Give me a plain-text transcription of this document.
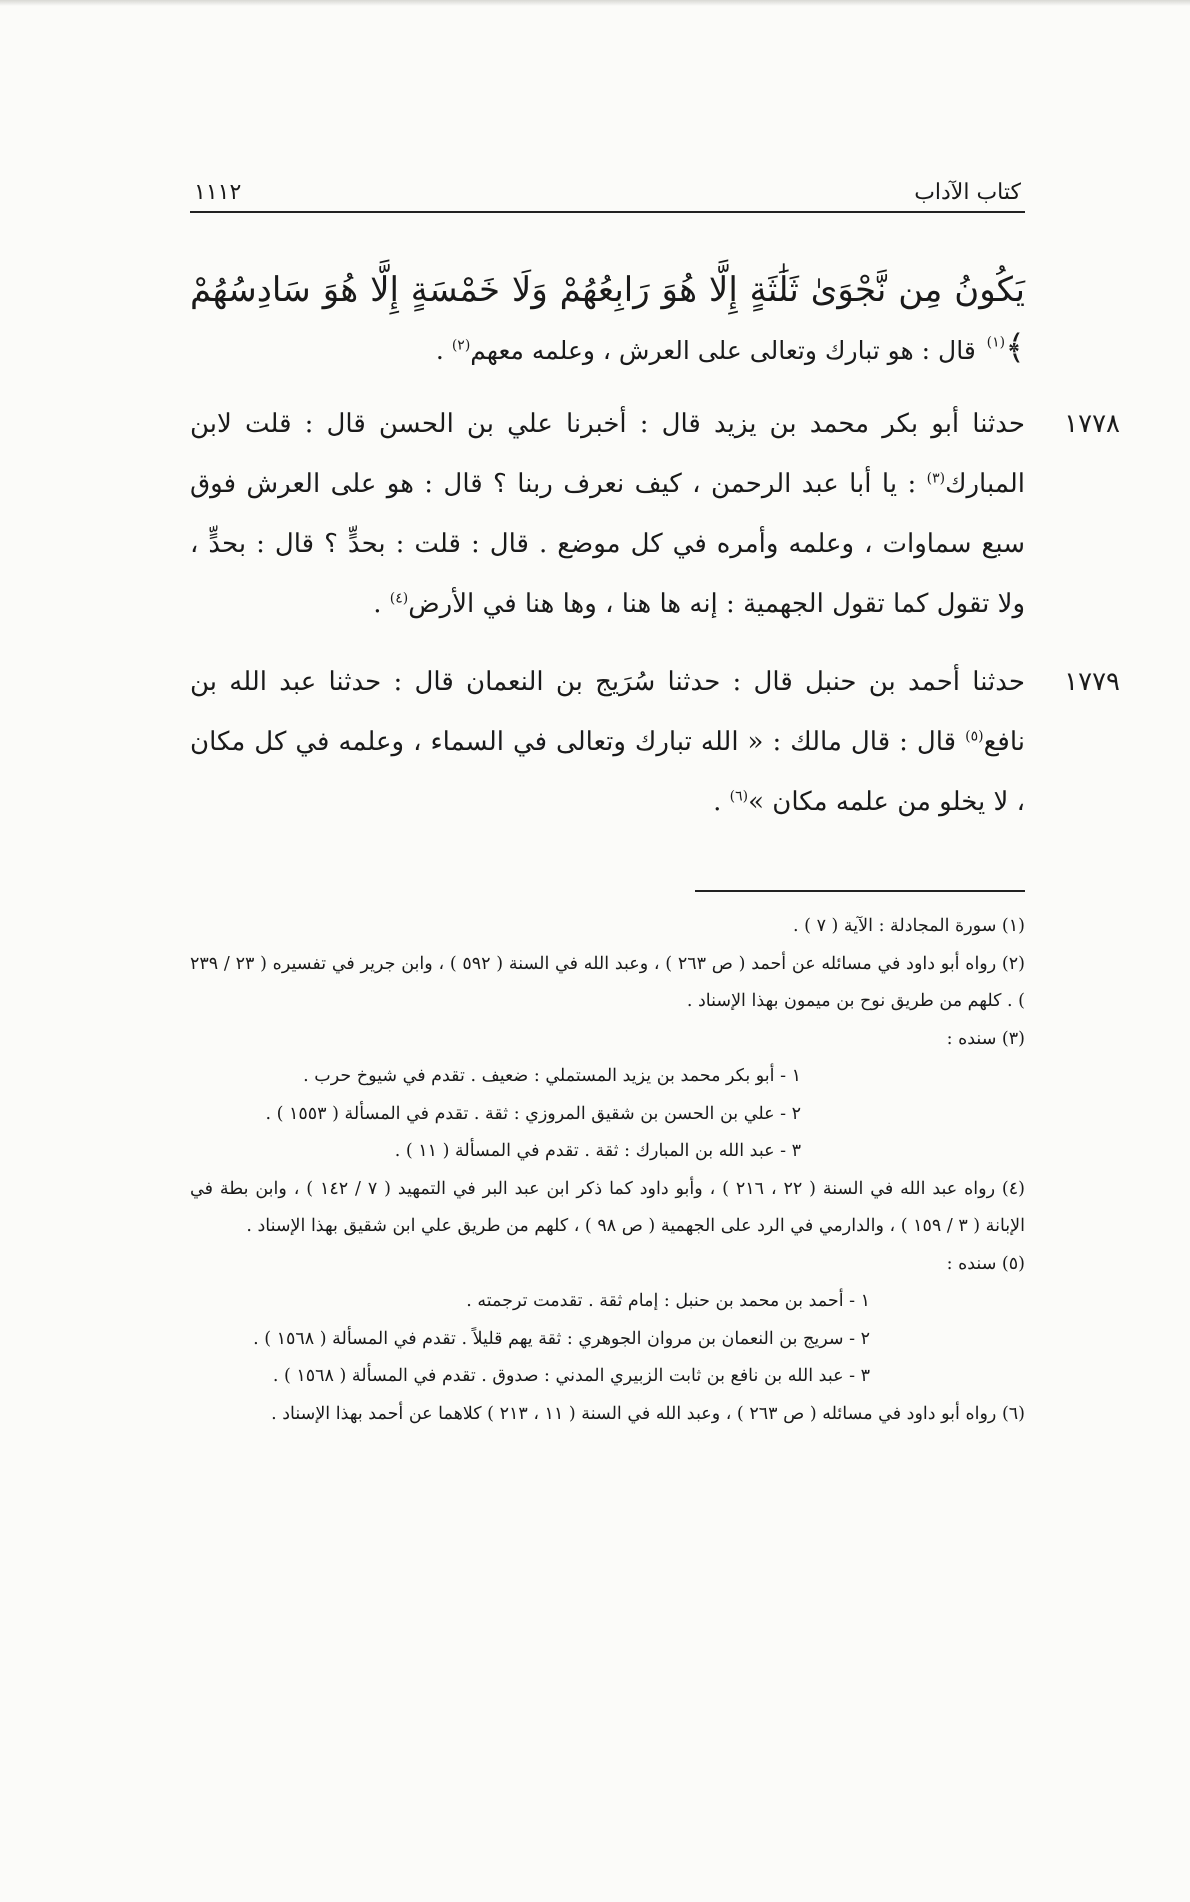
كتاب الآداب
١١١٢
يَكُونُ مِن نَّجْوَىٰ ثَلَٰثَةٍ إِلَّا هُوَ رَابِعُهُمْ وَلَا خَمْسَةٍ إِلَّا هُوَ سَادِسُهُمْ ﴾$^{(١)}$ قال : هو تبارك وتعالى على العرش ، وعلمه معهم$^{(٢)}$ .
١٧٧٨
حدثنا أبو بكر محمد بن يزيد قال : أخبرنا علي بن الحسن قال : قلت لابن المبارك$^{(٣)}$ : يا أبا عبد الرحمن ، كيف نعرف ربنا ؟ قال : هو على العرش فوق سبع سماوات ، وعلمه وأمره في كل موضع . قال : قلت : بحدٍّ ؟ قال : بحدٍّ ، ولا تقول كما تقول الجهمية : إنه ها هنا ، وها هنا في الأرض$^{(٤)}$ .
١٧٧٩
حدثنا أحمد بن حنبل قال : حدثنا سُرَيج بن النعمان قال : حدثنا عبد الله بن نافع$^{(٥)}$ قال : قال مالك : « الله تبارك وتعالى في السماء ، وعلمه في كل مكان ، لا يخلو من علمه مكان »$^{(٦)}$ .
(١) سورة المجادلة : الآية ( ٧ ) .
(٢) رواه أبو داود في مسائله عن أحمد ( ص ٢٦٣ ) ، وعبد الله في السنة ( ٥٩٢ ) ، وابن جرير في تفسيره ( ٢٣ / ٢٣٩ ) . كلهم من طريق نوح بن ميمون بهذا الإسناد .
(٣) سنده :
١ - أبو بكر محمد بن يزيد المستملي : ضعيف . تقدم في شيوخ حرب .
٢ - علي بن الحسن بن شقيق المروزي : ثقة . تقدم في المسألة ( ١٥٥٣ ) .
٣ - عبد الله بن المبارك : ثقة . تقدم في المسألة ( ١١ ) .
(٤) رواه عبد الله في السنة ( ٢٢ ، ٢١٦ ) ، وأبو داود كما ذكر ابن عبد البر في التمهيد ( ٧ / ١٤٢ ) ، وابن بطة في الإبانة ( ٣ / ١٥٩ ) ، والدارمي في الرد على الجهمية ( ص ٩٨ ) ، كلهم من طريق علي ابن شقيق بهذا الإسناد .
(٥) سنده :
١ - أحمد بن محمد بن حنبل : إمام ثقة . تقدمت ترجمته .
٢ - سريج بن النعمان بن مروان الجوهري : ثقة يهم قليلاً . تقدم في المسألة ( ١٥٦٨ ) .
٣ - عبد الله بن نافع بن ثابت الزبيري المدني : صدوق . تقدم في المسألة ( ١٥٦٨ ) .
(٦) رواه أبو داود في مسائله ( ص ٢٦٣ ) ، وعبد الله في السنة ( ١١ ، ٢١٣ ) كلاهما عن أحمد بهذا الإسناد .
